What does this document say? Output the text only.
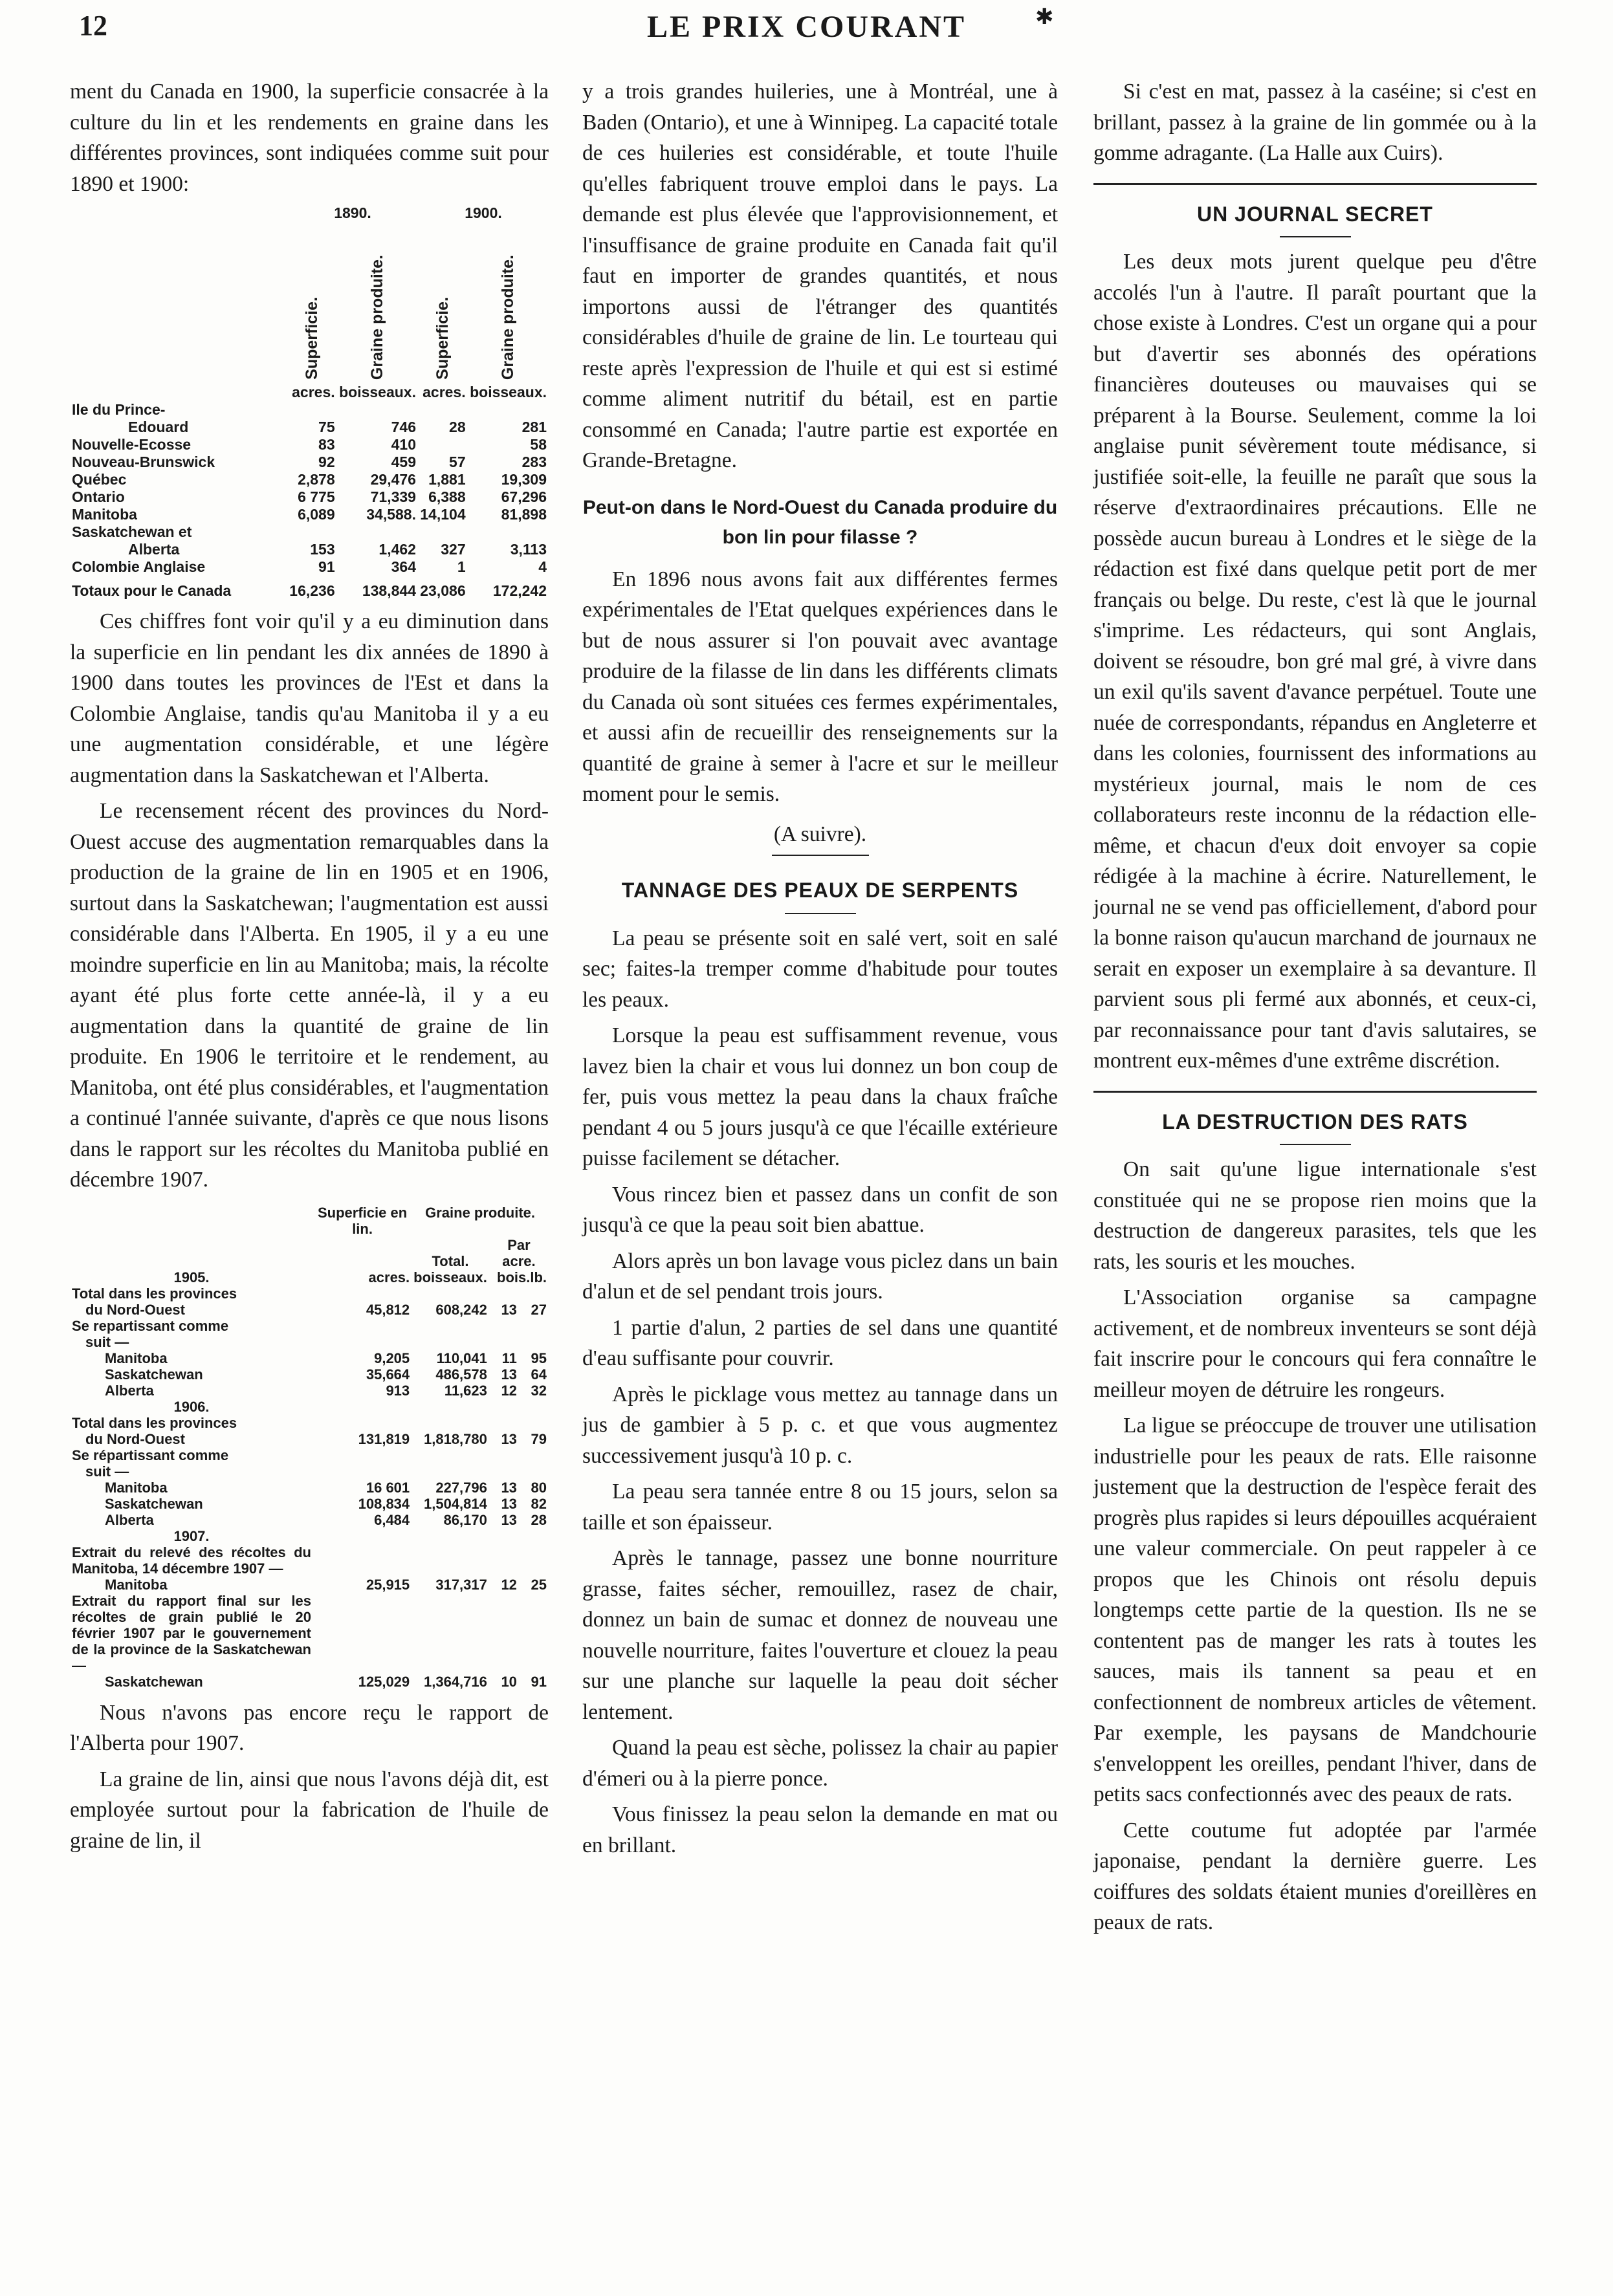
12	LE PRIX COURANT	✱

ment du Canada en 1900, la superficie consacrée à la culture du lin et les rendements en graine dans les différentes provinces, sont indiquées comme suit pour 1890 et 1900:

	1890.		1900.	
	Superficie.	Graine produite.	Superficie.	Graine produite.
	acres.	boisseaux.	acres.	boisseaux.
Ile du Prince-				
Edouard	75	746	28	281
Nouvelle-Ecosse	83	410		58
Nouveau-Brunswick	92	459	57	283
Québec	2,878	29,476	1,881	19,309
Ontario	6 775	71,339	6,388	67,296
Manitoba	6,089	34,588.	14,104	81,898
Saskatchewan et				
Alberta	153	1,462	327	3,113
Colombie Anglaise	91	364	1	4
Totaux pour le Canada	16,236	138,844	23,086	172,242

Ces chiffres font voir qu'il y a eu diminution dans la superficie en lin pendant les dix années de 1890 à 1900 dans toutes les provinces de l'Est et dans la Colombie Anglaise, tandis qu'au Manitoba il y a eu une augmentation considérable, et une légère augmentation dans la Saskatchewan et l'Alberta.

Le recensement récent des provinces du Nord-Ouest accuse des augmentation remarquables dans la production de la graine de lin en 1905 et en 1906, surtout dans la Saskatchewan; l'augmentation est aussi considérable dans l'Alberta. En 1905, il y a eu une moindre superficie en lin au Manitoba; mais, la récolte ayant été plus forte cette année-là, il y a eu augmentation dans la quantité de graine de lin produite. En 1906 le territoire et le rendement, au Manitoba, ont été plus considérables, et l'augmentation a continué l'année suivante, d'après ce que nous lisons dans le rapport sur les récoltes du Manitoba publié en décembre 1907.

	Superficie en lin.	Graine produite.		
		Total.	Par acre.	
1905.	acres.	boisseaux.	bois.lb.	
Total dans les provinces				
du Nord-Ouest	45,812	608,242	13	27
Se repartissant comme				
suit —				
Manitoba	9,205	110,041	11	95
Saskatchewan	35,664	486,578	13	64
Alberta	913	11,623	12	32
1906.				
Total dans les provinces				
du Nord-Ouest	131,819	1,818,780	13	79
Se répartissant comme				
suit —				
Manitoba	16 601	227,796	13	80
Saskatchewan	108,834	1,504,814	13	82
Alberta	6,484	86,170	13	28
1907.				
Extrait du relevé des récoltes du Manitoba, 14 décembre 1907 —				
Manitoba	25,915	317,317	12	25
Extrait du rapport final sur les récoltes de grain publié le 20 février 1907 par le gouvernement de la province de la Saskatchewan —				
Saskatchewan	125,029	1,364,716	10	91

Nous n'avons pas encore reçu le rapport de l'Alberta pour 1907.

La graine de lin, ainsi que nous l'avons déjà dit, est employée surtout pour la fabrication de l'huile de graine de lin, il

y a trois grandes huileries, une à Montréal, une à Baden (Ontario), et une à Winnipeg. La capacité totale de ces huileries est considérable, et toute l'huile qu'elles fabriquent trouve emploi dans le pays. La demande est plus élevée que l'approvisionnement, et l'insuffisance de graine produite en Canada fait qu'il faut en importer de grandes quantités, et nous importons aussi de l'étranger des quantités considérables d'huile de graine de lin. Le tourteau qui reste après l'expression de l'huile et qui est si estimé comme aliment nutritif du bétail, est en partie consommé en Canada; l'autre partie est exportée en Grande-Bretagne.

Peut-on dans le Nord-Ouest du Canada produire du bon lin pour filasse ?

En 1896 nous avons fait aux différentes fermes expérimentales de l'Etat quelques expériences dans le but de nous assurer si l'on pouvait avec avantage produire de la filasse de lin dans les différents climats du Canada où sont situées ces fermes expérimentales, et aussi afin de recueillir des renseignements sur la quantité de graine à semer à l'acre et sur le meilleur moment pour le semis.

(A suivre).

TANNAGE DES PEAUX DE SERPENTS

La peau se présente soit en salé vert, soit en salé sec; faites-la tremper comme d'habitude pour toutes les peaux.

Lorsque la peau est suffisamment revenue, vous lavez bien la chair et vous lui donnez un bon coup de fer, puis vous mettez la peau dans la chaux fraîche pendant 4 ou 5 jours jusqu'à ce que l'écaille extérieure puisse facilement se détacher.

Vous rincez bien et passez dans un confit de son jusqu'à ce que la peau soit bien abattue.

Alors après un bon lavage vous piclez dans un bain d'alun et de sel pendant trois jours.

1 partie d'alun, 2 parties de sel dans une quantité d'eau suffisante pour couvrir.

Après le picklage vous mettez au tannage dans un jus de gambier à 5 p. c. et que vous augmentez successivement jusqu'à 10 p. c.

La peau sera tannée entre 8 ou 15 jours, selon sa taille et son épaisseur.

Après le tannage, passez une bonne nourriture grasse, faites sécher, remouillez, rasez de chair, donnez un bain de sumac et donnez de nouveau une nouvelle nourriture, faites l'ouverture et clouez la peau sur une planche sur laquelle la peau doit sécher lentement.

Quand la peau est sèche, polissez la chair au papier d'émeri ou à la pierre ponce.

Vous finissez la peau selon la demande en mat ou en brillant.

Si c'est en mat, passez à la caséine; si c'est en brillant, passez à la graine de lin gommée ou à la gomme adragante. (La Halle aux Cuirs).

UN JOURNAL SECRET

Les deux mots jurent quelque peu d'être accolés l'un à l'autre. Il paraît pourtant que la chose existe à Londres. C'est un organe qui a pour but d'avertir ses abonnés des opérations financières douteuses ou mauvaises qui se préparent à la Bourse. Seulement, comme la loi anglaise punit sévèrement toute médisance, si justifiée soit-elle, la feuille ne paraît que sous la réserve d'extraordinaires précautions. Elle ne possède aucun bureau à Londres et le siège de la rédaction est fixé dans quelque petit port de mer français ou belge. Du reste, c'est là que le journal s'imprime. Les rédacteurs, qui sont Anglais, doivent se résoudre, bon gré mal gré, à vivre dans un exil qu'ils savent d'avance perpétuel. Toute une nuée de correspondants, répandus en Angleterre et dans les colonies, fournissent des informations au mystérieux journal, mais le nom de ces collaborateurs reste inconnu de la rédaction elle-même, et chacun d'eux doit envoyer sa copie rédigée à la machine à écrire. Naturellement, le journal ne se vend pas officiellement, d'abord pour la bonne raison qu'aucun marchand de journaux ne serait en exposer un exemplaire à sa devanture. Il parvient sous pli fermé aux abonnés, et ceux-ci, par reconnaissance pour tant d'avis salutaires, se montrent eux-mêmes d'une extrême discrétion.

LA DESTRUCTION DES RATS

On sait qu'une ligue internationale s'est constituée qui ne se propose rien moins que la destruction de dangereux parasites, tels que les rats, les souris et les mouches.

L'Association organise sa campagne activement, et de nombreux inventeurs se sont déjà fait inscrire pour le concours qui fera connaître le meilleur moyen de détruire les rongeurs.

La ligue se préoccupe de trouver une utilisation industrielle pour les peaux de rats. Elle raisonne justement que la destruction de l'espèce ferait des progrès plus rapides si leurs dépouilles acquéraient une valeur commerciale. On peut rappeler à ce propos que les Chinois ont résolu depuis longtemps cette partie de la question. Ils ne se contentent pas de manger les rats à toutes les sauces, mais ils tannent sa peau et en confectionnent de nombreux articles de vêtement. Par exemple, les paysans de Mandchourie s'enveloppent les oreilles, pendant l'hiver, dans de petits sacs confectionnés avec des peaux de rats.

Cette coutume fut adoptée par l'armée japonaise, pendant la dernière guerre. Les coiffures des soldats étaient munies d'oreillères en peaux de rats.
